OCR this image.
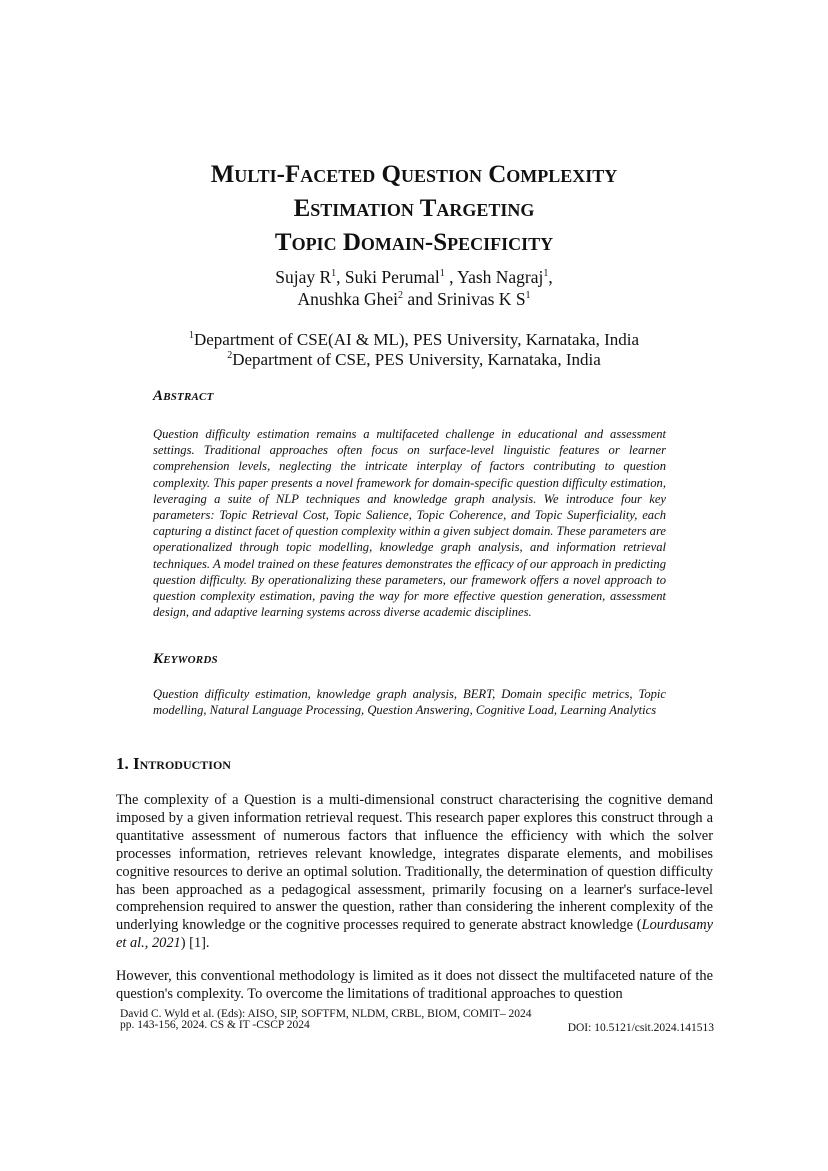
Multi-Faceted Question Complexity
Estimation Targeting
Topic Domain-Specificity
Sujay $R^1$, Suki Perumal$^1$ , Yash Nagraj$^1$,
Anushka Ghei$^2$ and Srinivas K $S^1$
$^1$Department of CSE(AI & ML), PES University, Karnataka, India
$^2$Department of CSE, PES University, Karnataka, India
Abstract
Question difficulty estimation remains a multifaceted challenge in educational and assessment settings. Traditional approaches often focus on surface-level linguistic features or learner comprehension levels, neglecting the intricate interplay of factors contributing to question complexity. This paper presents a novel framework for domain-specific question difficulty estimation, leveraging a suite of NLP techniques and knowledge graph analysis. We introduce four key parameters: Topic Retrieval Cost, Topic Salience, Topic Coherence, and Topic Superficiality, each capturing a distinct facet of question complexity within a given subject domain. These parameters are operationalized through topic modelling, knowledge graph analysis, and information retrieval techniques. A model trained on these features demonstrates the efficacy of our approach in predicting question difficulty. By operationalizing these parameters, our framework offers a novel approach to question complexity estimation, paving the way for more effective question generation, assessment design, and adaptive learning systems across diverse academic disciplines.
Keywords
Question difficulty estimation, knowledge graph analysis, BERT, Domain specific metrics, Topic modelling, Natural Language Processing, Question Answering, Cognitive Load, Learning Analytics
1. Introduction
The complexity of a Question is a multi-dimensional construct characterising the cognitive demand imposed by a given information retrieval request. This research paper explores this construct through a quantitative assessment of numerous factors that influence the efficiency with which the solver processes information, retrieves relevant knowledge, integrates disparate elements, and mobilises cognitive resources to derive an optimal solution. Traditionally, the determination of question difficulty has been approached as a pedagogical assessment, primarily focusing on a learner's surface-level comprehension required to answer the question, rather than considering the inherent complexity of the underlying knowledge or the cognitive processes required to generate abstract knowledge (Lourdusamy et al., 2021) [1].
However, this conventional methodology is limited as it does not dissect the multifaceted nature of the question's complexity. To overcome the limitations of traditional approaches to question
David C. Wyld et al. (Eds): AISO, SIP, SOFTFM, NLDM, CRBL, BIOM, COMIT– 2024
pp. 143-156, 2024. CS & IT -CSCP 2024	DOI: 10.5121/csit.2024.141513
